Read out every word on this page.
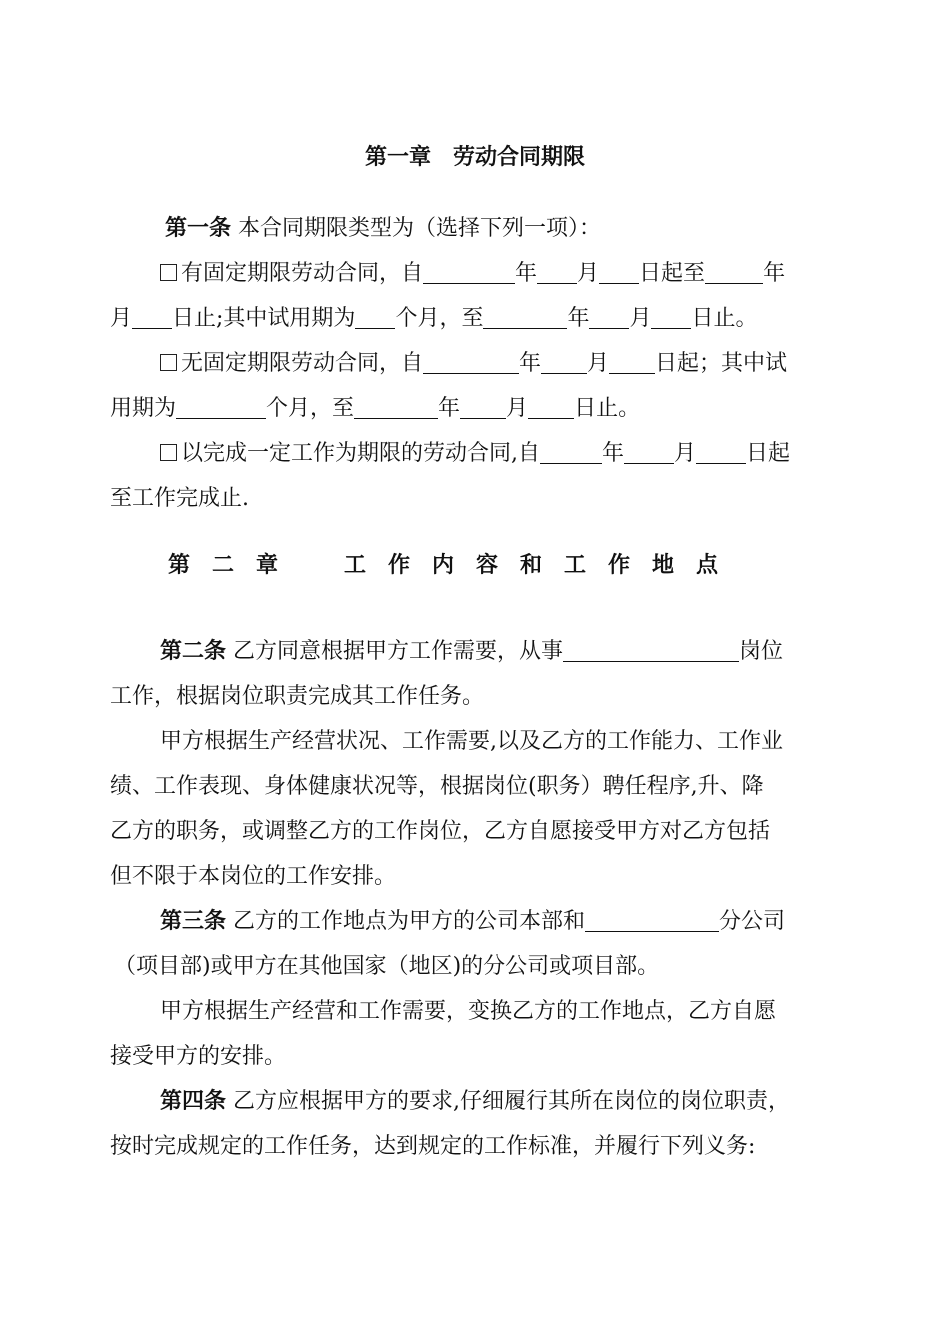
第一章　劳动合同期限
第一条 本合同期限类型为（选择下列一项）：
有固定期限劳动合同，自	年 月 日起至	年
月 日止;其中试用期为 个月，至	年 月 日止。
无固定期限劳动合同，自	年 月 日起；其中试
用期为	个月，至	年 月 日止。
以完成一定工作为期限的劳动合同,自	年 月 日起
至工作完成止.
第　二　章　　　工　作　内　容　和　工　作　地　点
第二条 乙方同意根据甲方工作需要，从事	岗位
工作，根据岗位职责完成其工作任务。
甲方根据生产经营状况、工作需要,以及乙方的工作能力、工作业
绩、工作表现、身体健康状况等，根据岗位(职务）聘任程序,升、降
乙方的职务，或调整乙方的工作岗位，乙方自愿接受甲方对乙方包括
但不限于本岗位的工作安排。
第三条 乙方的工作地点为甲方的公司本部和	分公司
（项目部)或甲方在其他国家（地区)的分公司或项目部。
甲方根据生产经营和工作需要，变换乙方的工作地点，乙方自愿
接受甲方的安排。
第四条 乙方应根据甲方的要求,仔细履行其所在岗位的岗位职责，
按时完成规定的工作任务，达到规定的工作标准，并履行下列义务:
